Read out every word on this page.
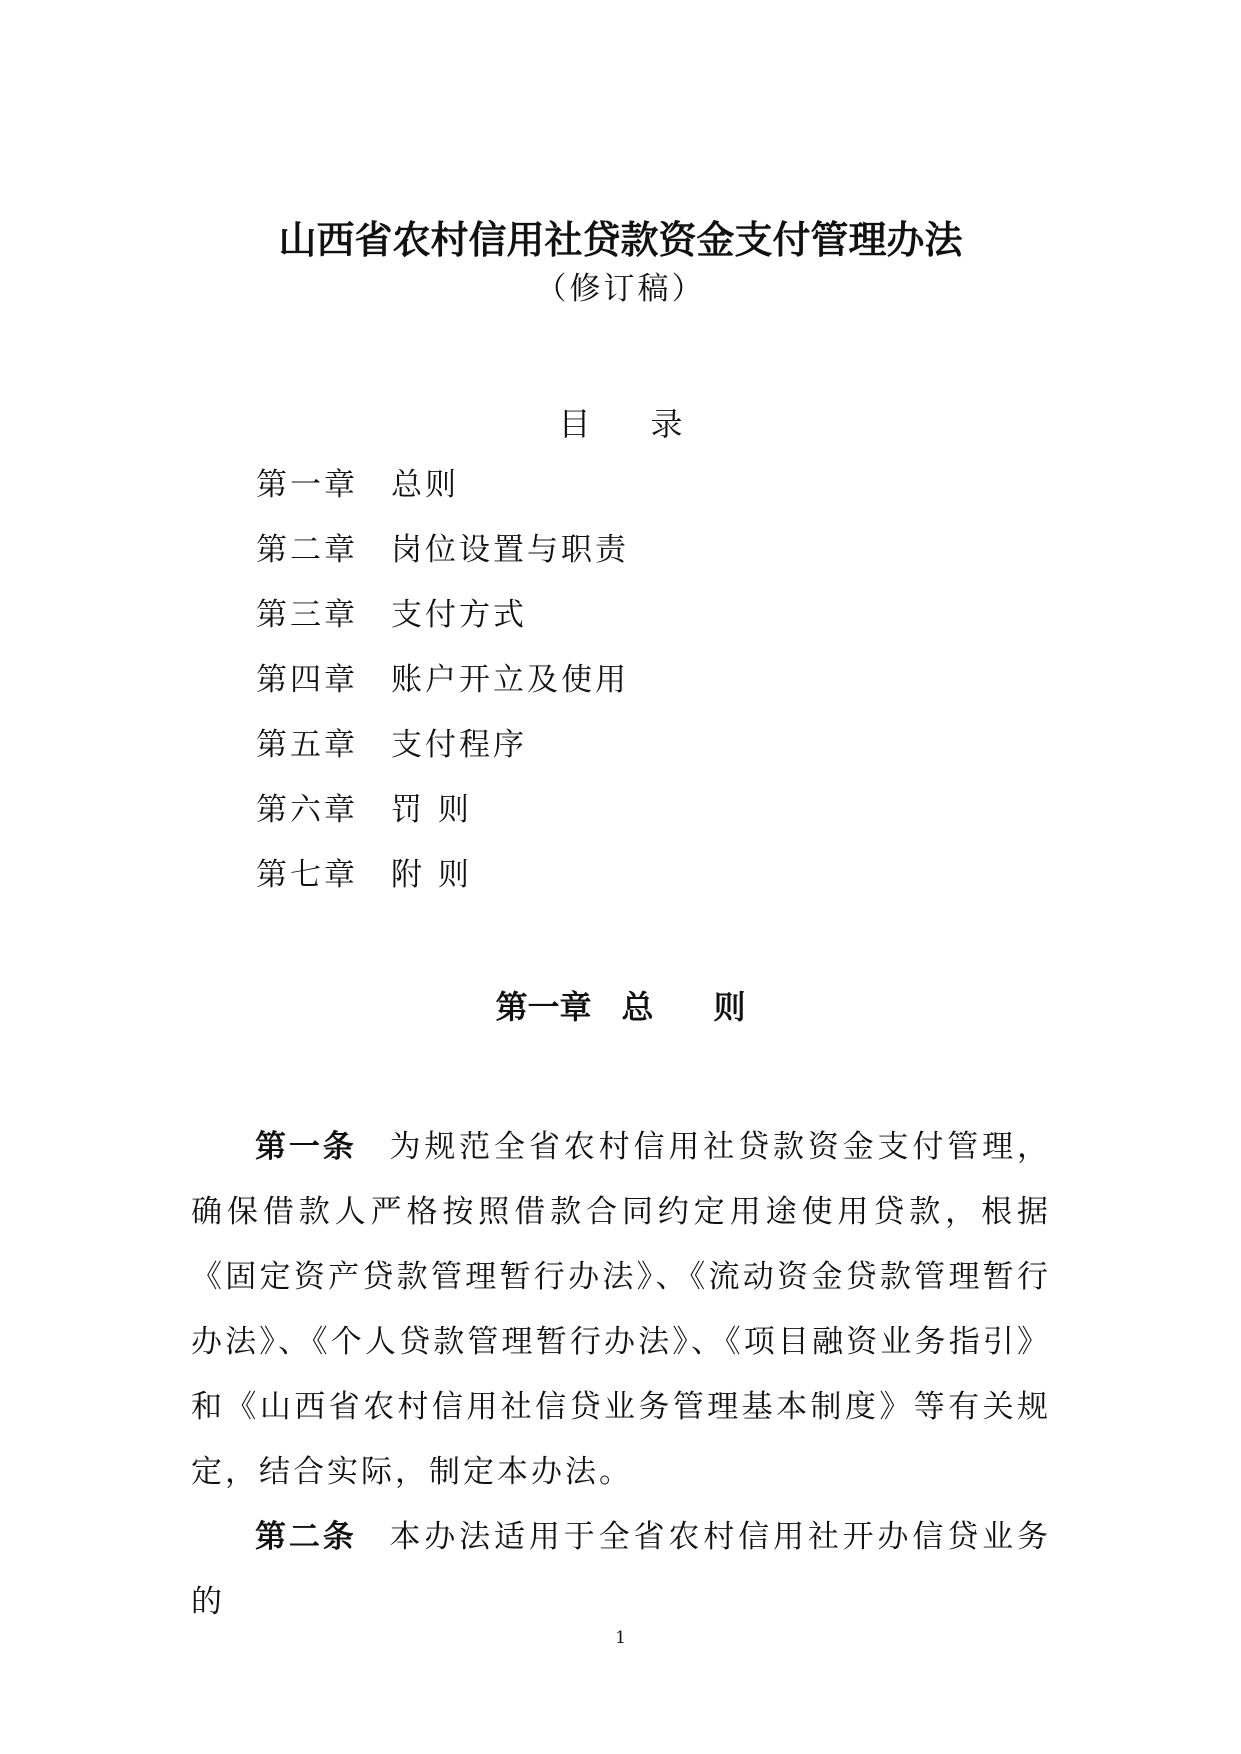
山西省农村信用社贷款资金支付管理办法
（修订稿）
目录
第一章 总则
第二章 岗位设置与职责
第三章 支付方式
第四章 账户开立及使用
第五章 支付程序
第六章 罚 则
第七章 附 则
第一章 总 则

第一条 为规范全省农村信用社贷款资金支付管理，确保借款人严格按照借款合同约定用途使用贷款，根据《固定资产贷款管理暂行办法》、《流动资金贷款管理暂行办法》、《个人贷款管理暂行办法》、《项目融资业务指引》和《山西省农村信用社信贷业务管理基本制度》等有关规定，结合实际，制定本办法。

第二条 本办法适用于全省农村信用社开办信贷业务的

1
